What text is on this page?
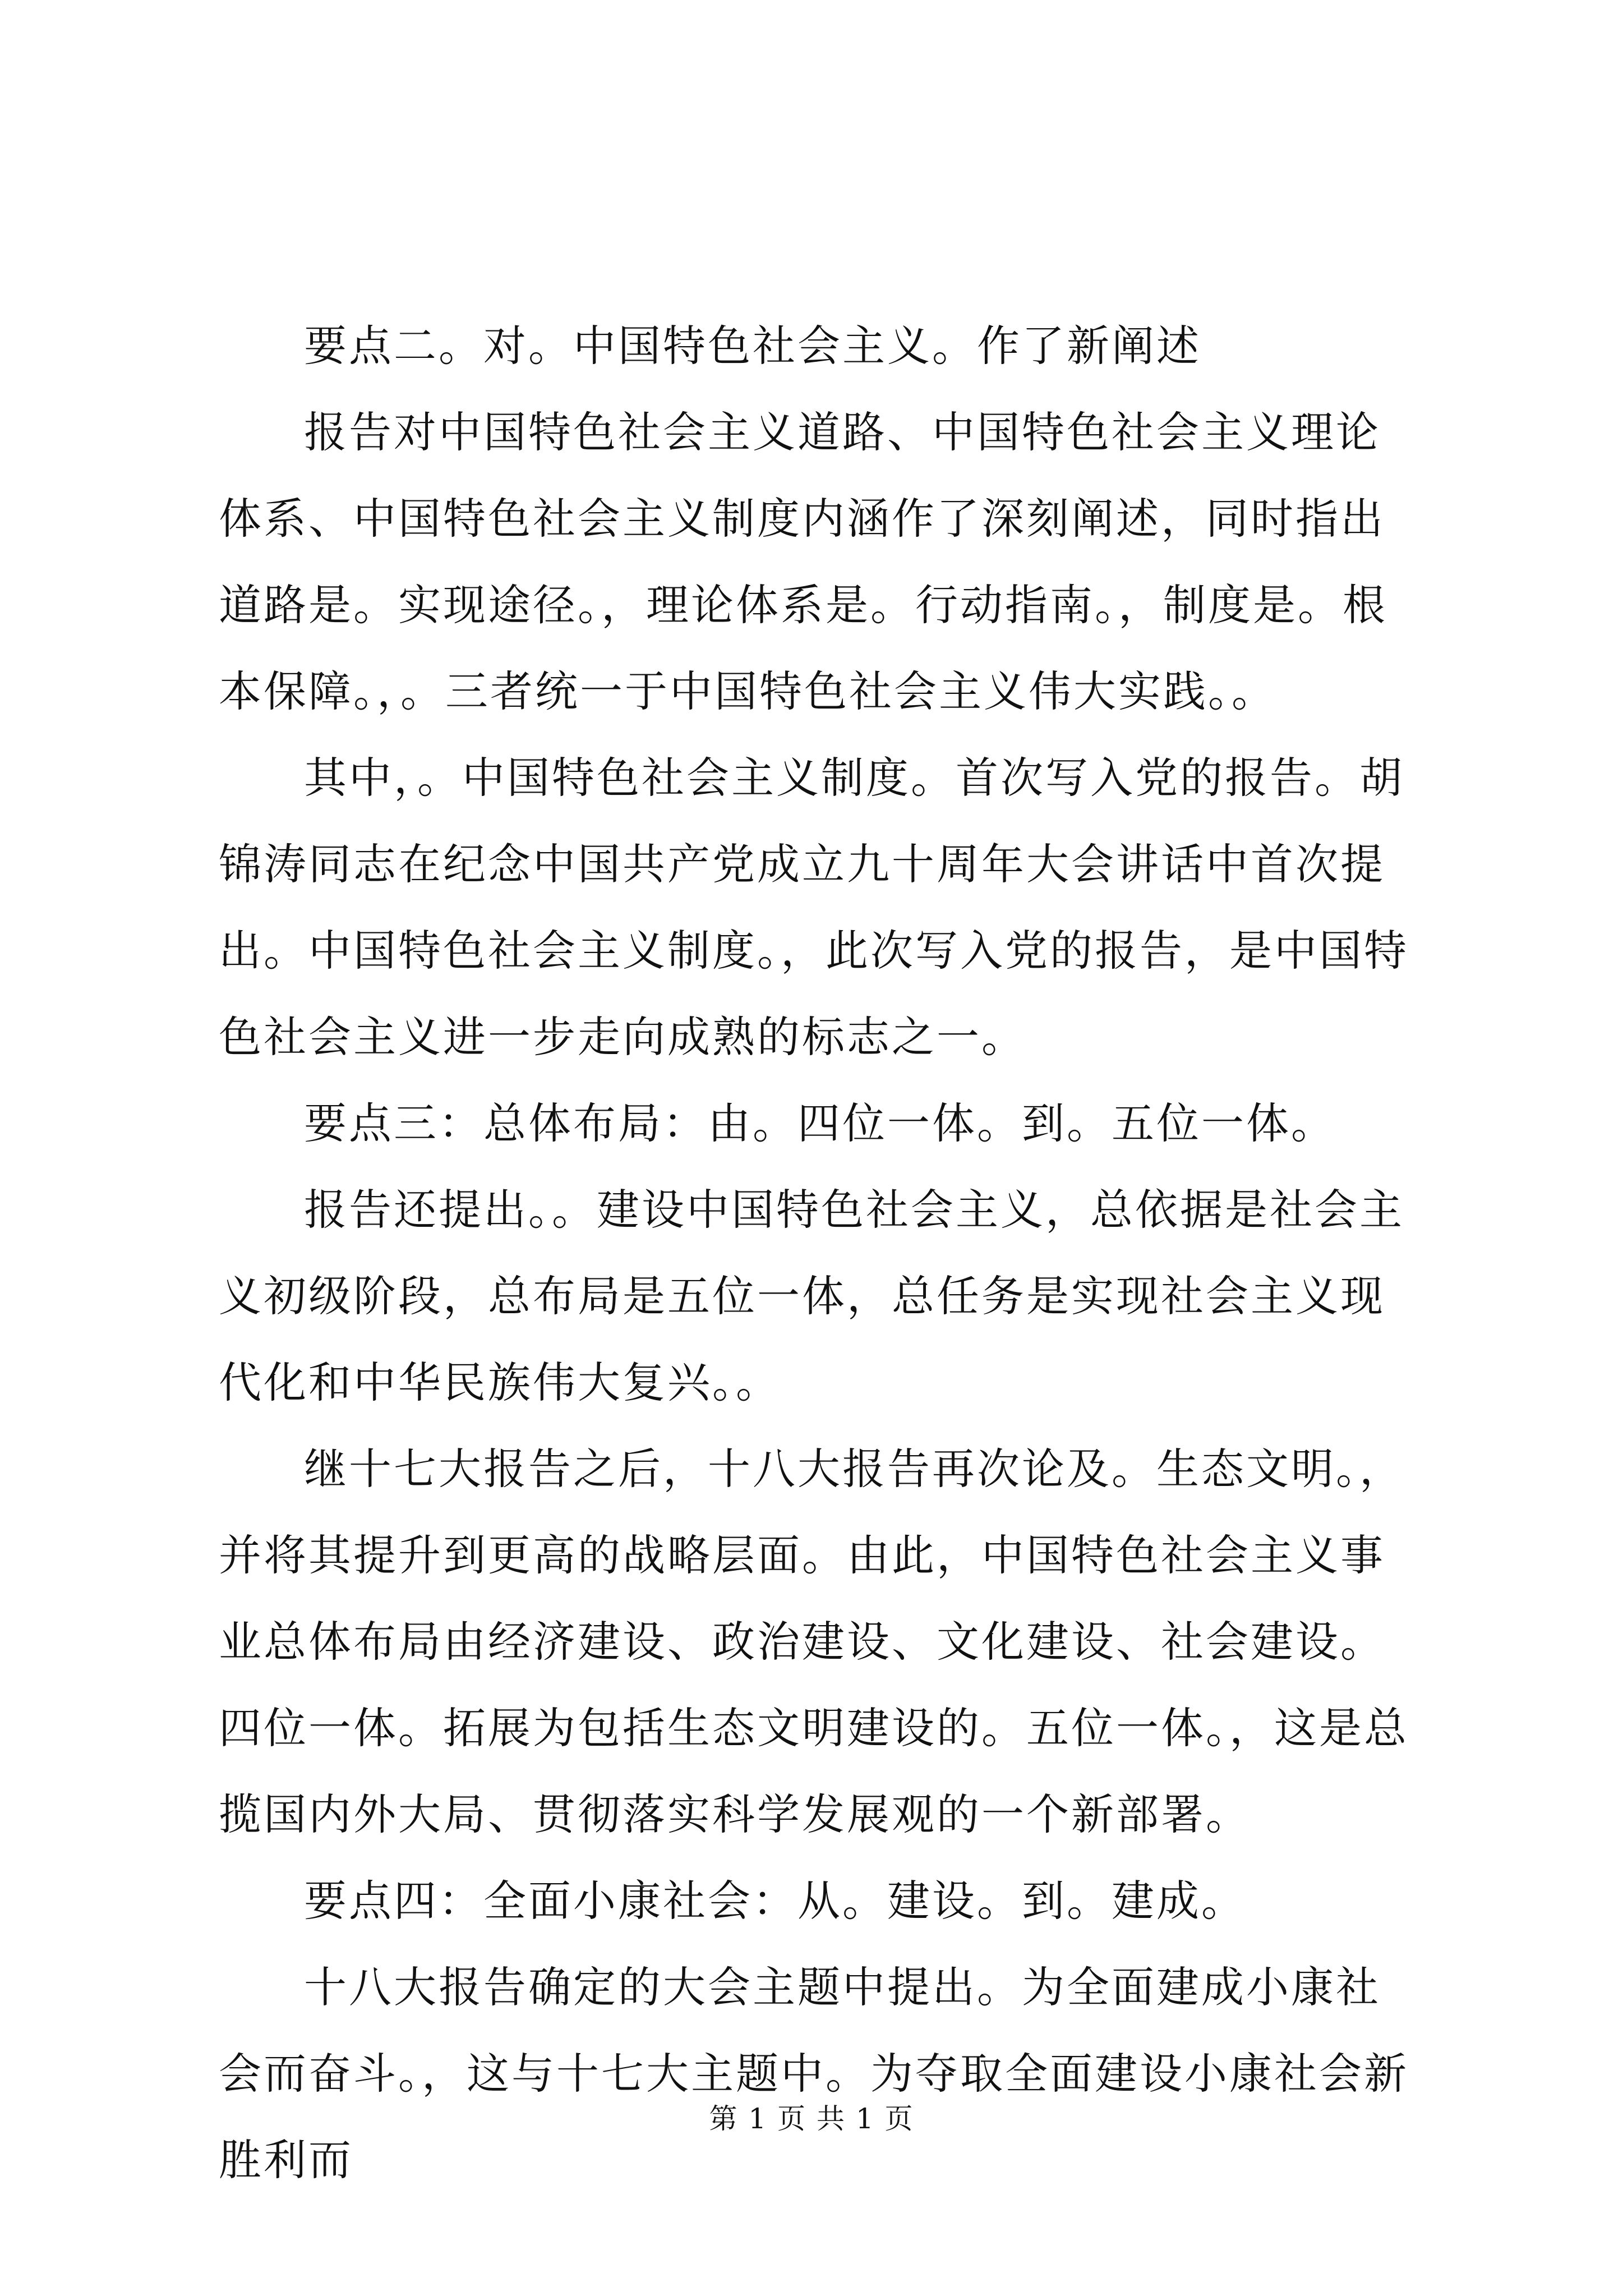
要点二。对。中国特色社会主义。作了新阐述

报告对中国特色社会主义道路、中国特色社会主义理论体系、中国特色社会主义制度内涵作了深刻阐述，同时指出道路是。实现途径。，理论体系是。行动指南。，制度是。根本保障。，。三者统一于中国特色社会主义伟大实践。。

其中，。中国特色社会主义制度。首次写入党的报告。胡锦涛同志在纪念中国共产党成立九十周年大会讲话中首次提出。中国特色社会主义制度。，此次写入党的报告，是中国特色社会主义进一步走向成熟的标志之一。

要点三：总体布局：由。四位一体。到。五位一体。

报告还提出。。建设中国特色社会主义，总依据是社会主义初级阶段，总布局是五位一体，总任务是实现社会主义现代化和中华民族伟大复兴。。

继十七大报告之后，十八大报告再次论及。生态文明。，并将其提升到更高的战略层面。由此，中国特色社会主义事业总体布局由经济建设、政治建设、文化建设、社会建设。四位一体。拓展为包括生态文明建设的。五位一体。，这是总揽国内外大局、贯彻落实科学发展观的一个新部署。

要点四：全面小康社会：从。建设。到。建成。

十八大报告确定的大会主题中提出。为全面建成小康社会而奋斗。，这与十七大主题中。为夺取全面建设小康社会新胜利而

第 1 页 共 1 页
